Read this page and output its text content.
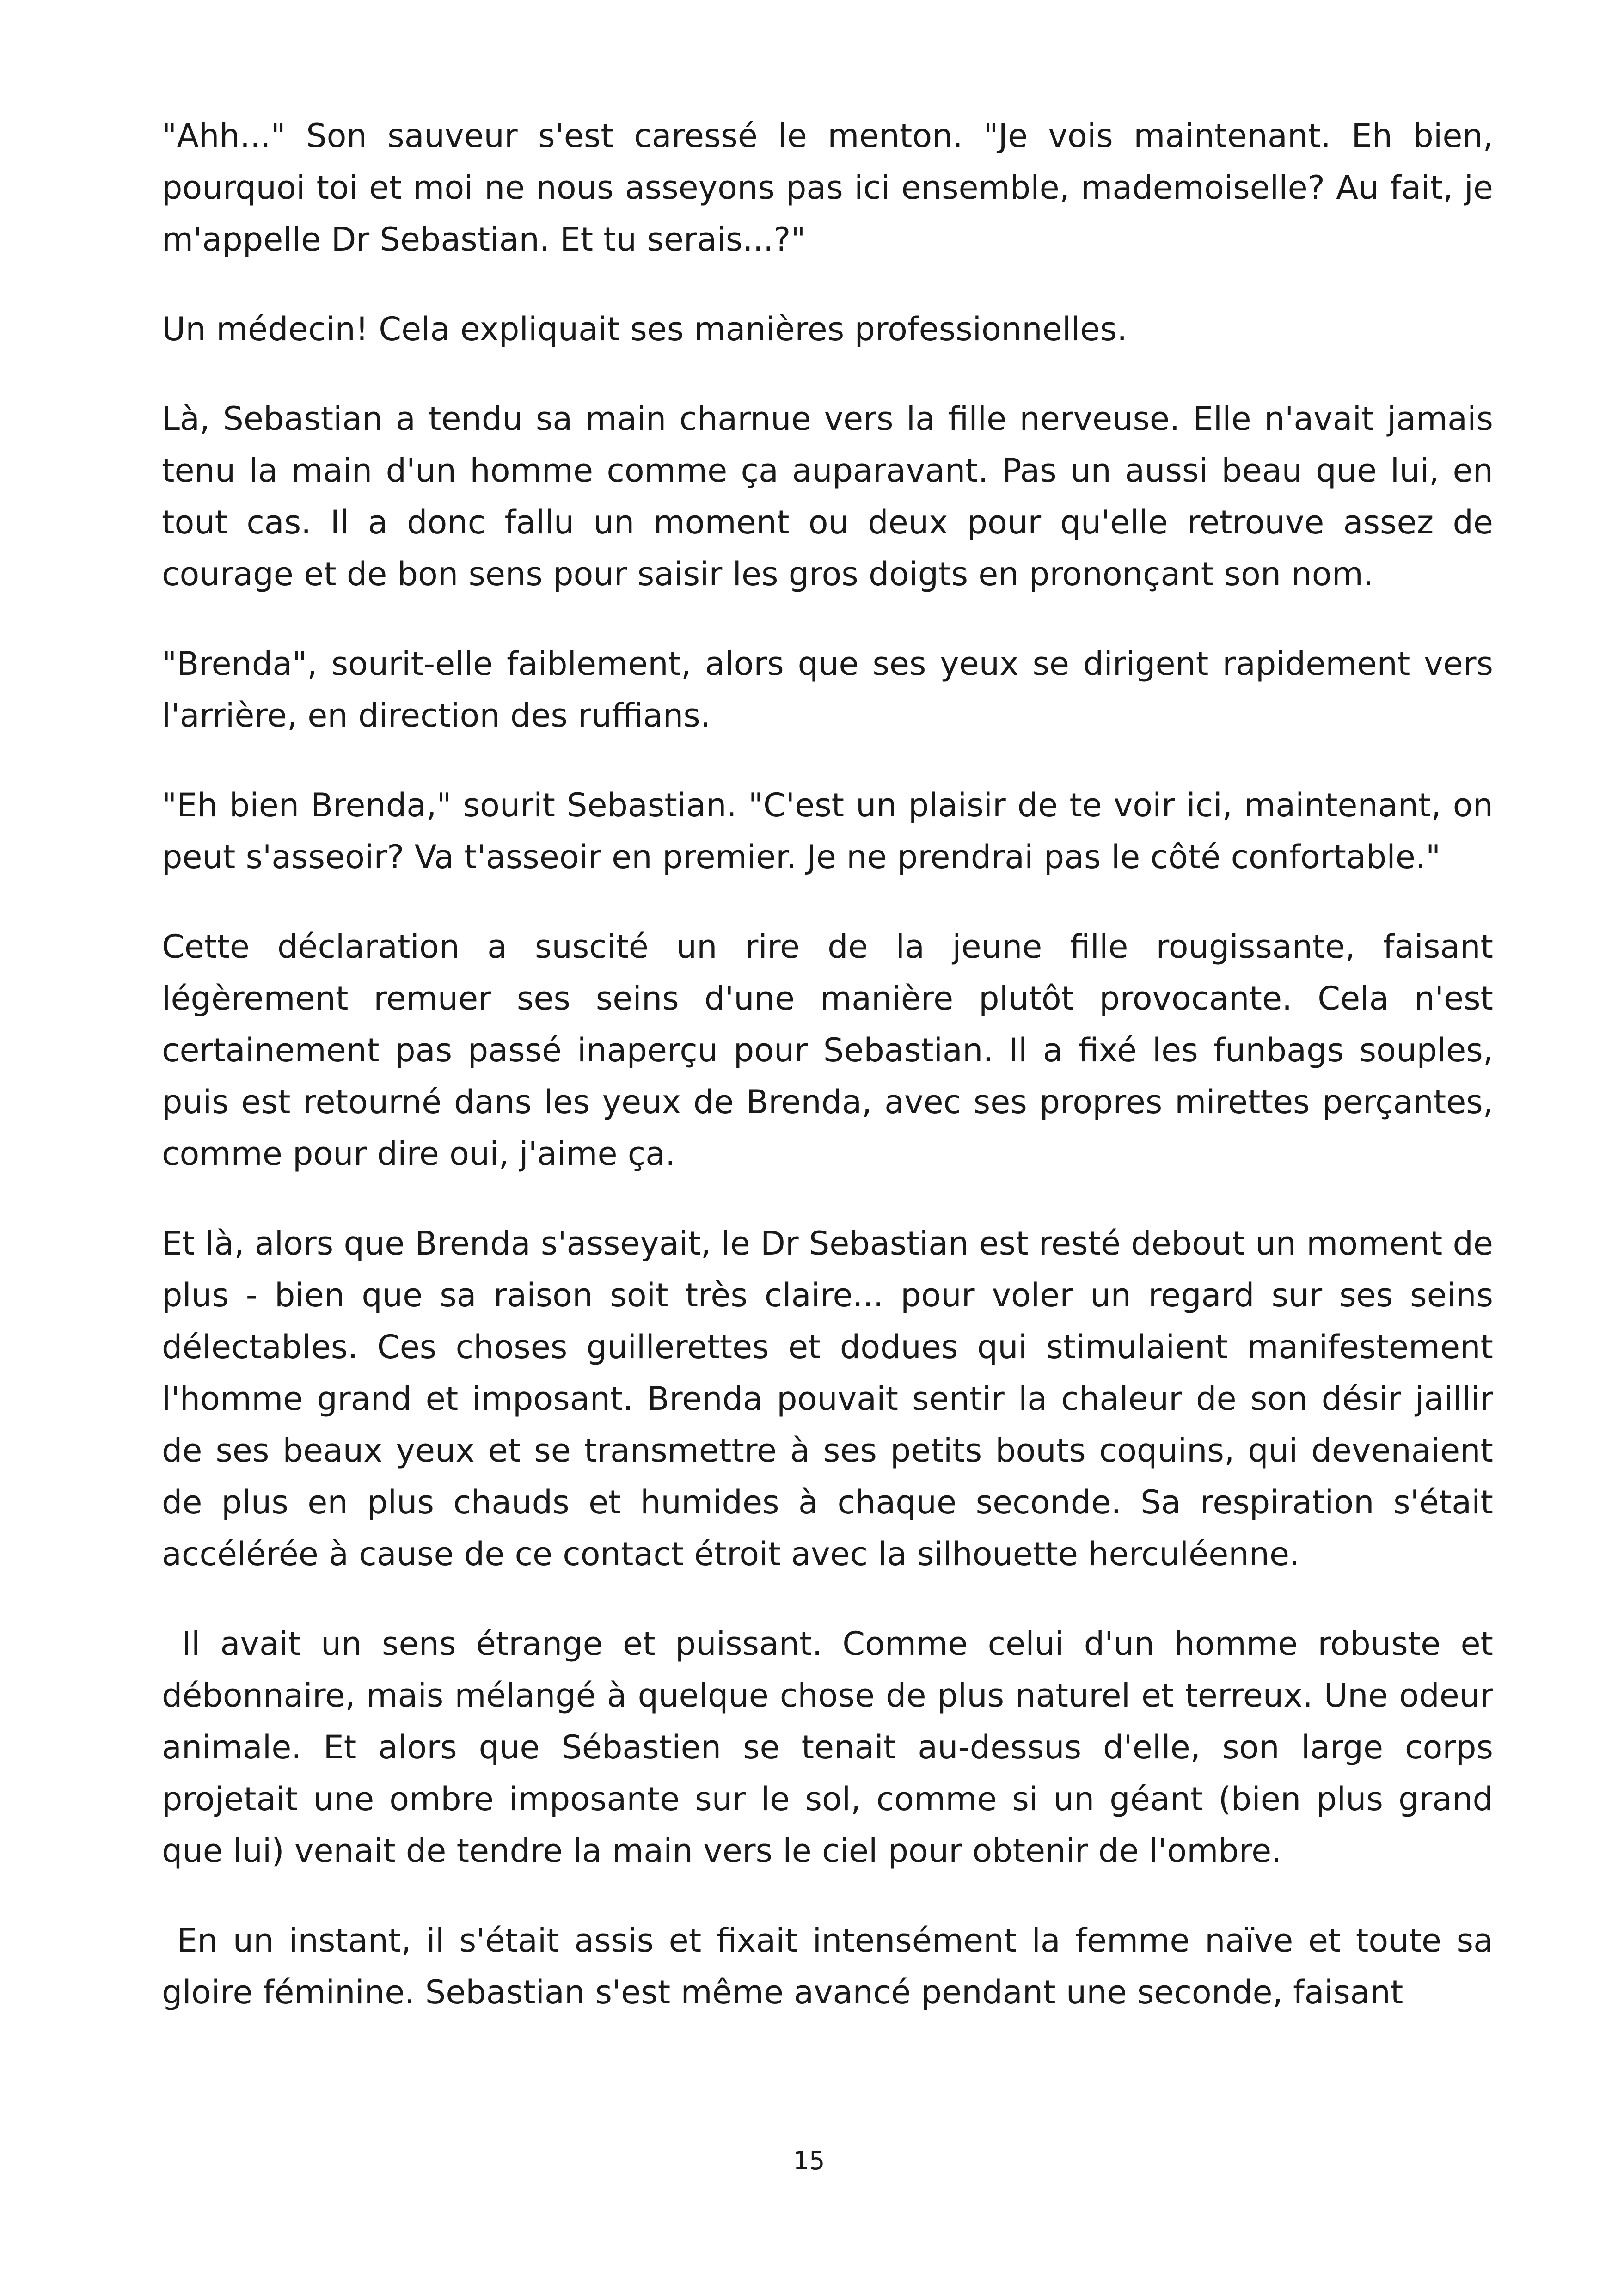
"Ahh..." Son sauveur s'est caressé le menton. "Je vois maintenant. Eh bien, pourquoi toi et moi ne nous asseyons pas ici ensemble, mademoiselle? Au fait, je m'appelle Dr Sebastian. Et tu serais...?"

Un médecin! Cela expliquait ses manières professionnelles.

Là, Sebastian a tendu sa main charnue vers la fille nerveuse. Elle n'avait jamais tenu la main d'un homme comme ça auparavant. Pas un aussi beau que lui, en tout cas. Il a donc fallu un moment ou deux pour qu'elle retrouve assez de courage et de bon sens pour saisir les gros doigts en prononçant son nom.

"Brenda", sourit-elle faiblement, alors que ses yeux se dirigent rapidement vers l'arrière, en direction des ruffians.

"Eh bien Brenda," sourit Sebastian. "C'est un plaisir de te voir ici, maintenant, on peut s'asseoir? Va t'asseoir en premier. Je ne prendrai pas le côté confortable."

Cette déclaration a suscité un rire de la jeune fille rougissante, faisant légèrement remuer ses seins d'une manière plutôt provocante. Cela n'est certainement pas passé inaperçu pour Sebastian. Il a fixé les funbags souples, puis est retourné dans les yeux de Brenda, avec ses propres mirettes perçantes, comme pour dire oui, j'aime ça.

Et là, alors que Brenda s'asseyait, le Dr Sebastian est resté debout un moment de plus - bien que sa raison soit très claire... pour voler un regard sur ses seins délectables. Ces choses guillerettes et dodues qui stimulaient manifestement l'homme grand et imposant. Brenda pouvait sentir la chaleur de son désir jaillir de ses beaux yeux et se transmettre à ses petits bouts coquins, qui devenaient de plus en plus chauds et humides à chaque seconde. Sa respiration s'était accélérée à cause de ce contact étroit avec la silhouette herculéenne.

Il avait un sens étrange et puissant. Comme celui d'un homme robuste et débonnaire, mais mélangé à quelque chose de plus naturel et terreux. Une odeur animale. Et alors que Sébastien se tenait au-dessus d'elle, son large corps projetait une ombre imposante sur le sol, comme si un géant (bien plus grand que lui) venait de tendre la main vers le ciel pour obtenir de l'ombre.

En un instant, il s'était assis et fixait intensément la femme naïve et toute sa gloire féminine. Sebastian s'est même avancé pendant une seconde, faisant

15
